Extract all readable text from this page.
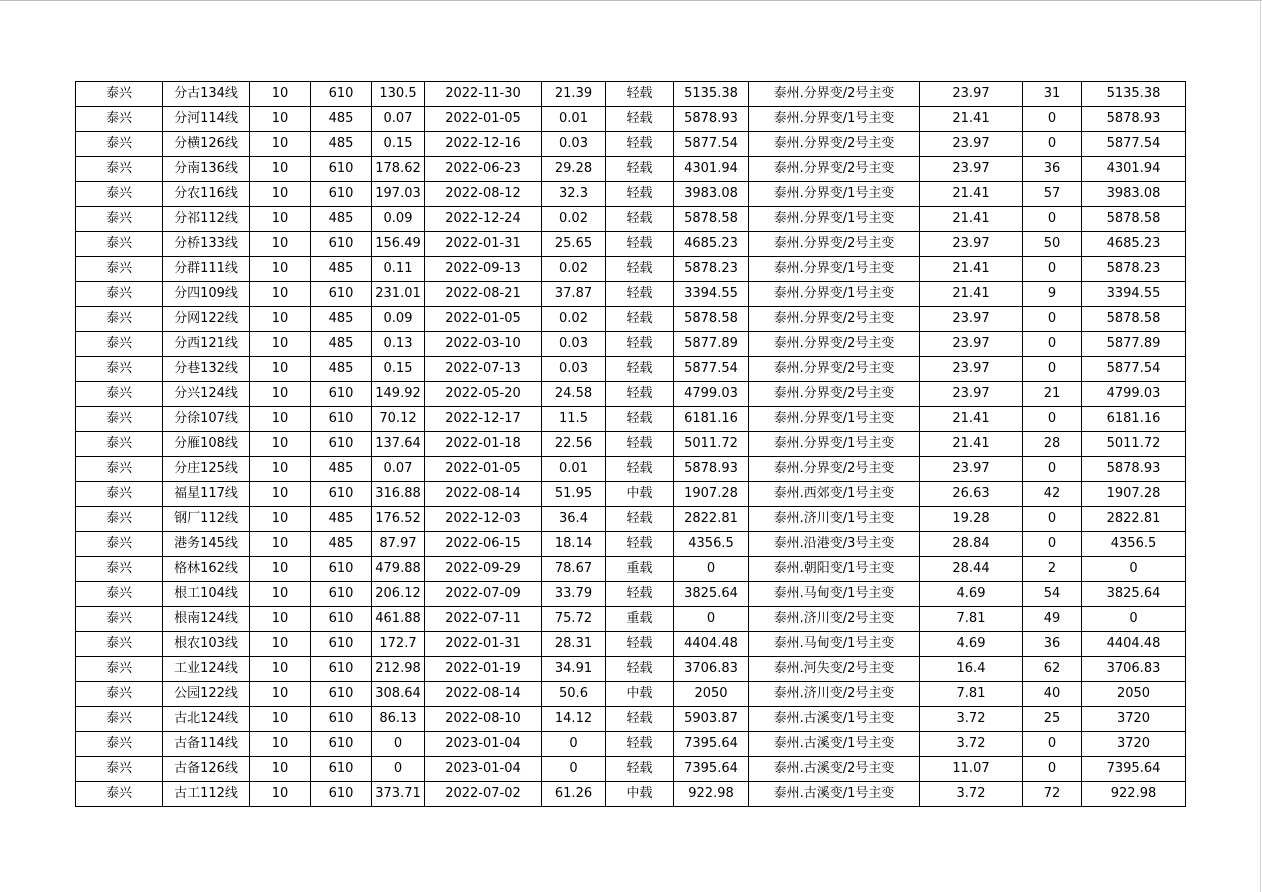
泰兴	分古134线	10	610	130.5	2022-11-30	21.39	轻载	5135.38	泰州.分界变/2号主变	23.97	31	5135.38
泰兴	分河114线	10	485	0.07	2022-01-05	0.01	轻载	5878.93	泰州.分界变/1号主变	21.41	0	5878.93
泰兴	分横126线	10	485	0.15	2022-12-16	0.03	轻载	5877.54	泰州.分界变/2号主变	23.97	0	5877.54
泰兴	分南136线	10	610	178.62	2022-06-23	29.28	轻载	4301.94	泰州.分界变/2号主变	23.97	36	4301.94
泰兴	分农116线	10	610	197.03	2022-08-12	32.3	轻载	3983.08	泰州.分界变/1号主变	21.41	57	3983.08
泰兴	分祁112线	10	485	0.09	2022-12-24	0.02	轻载	5878.58	泰州.分界变/1号主变	21.41	0	5878.58
泰兴	分桥133线	10	610	156.49	2022-01-31	25.65	轻载	4685.23	泰州.分界变/2号主变	23.97	50	4685.23
泰兴	分群111线	10	485	0.11	2022-09-13	0.02	轻载	5878.23	泰州.分界变/1号主变	21.41	0	5878.23
泰兴	分四109线	10	610	231.01	2022-08-21	37.87	轻载	3394.55	泰州.分界变/1号主变	21.41	9	3394.55
泰兴	分网122线	10	485	0.09	2022-01-05	0.02	轻载	5878.58	泰州.分界变/2号主变	23.97	0	5878.58
泰兴	分西121线	10	485	0.13	2022-03-10	0.03	轻载	5877.89	泰州.分界变/2号主变	23.97	0	5877.89
泰兴	分巷132线	10	485	0.15	2022-07-13	0.03	轻载	5877.54	泰州.分界变/2号主变	23.97	0	5877.54
泰兴	分兴124线	10	610	149.92	2022-05-20	24.58	轻载	4799.03	泰州.分界变/2号主变	23.97	21	4799.03
泰兴	分徐107线	10	610	70.12	2022-12-17	11.5	轻载	6181.16	泰州.分界变/1号主变	21.41	0	6181.16
泰兴	分雁108线	10	610	137.64	2022-01-18	22.56	轻载	5011.72	泰州.分界变/1号主变	21.41	28	5011.72
泰兴	分庄125线	10	485	0.07	2022-01-05	0.01	轻载	5878.93	泰州.分界变/2号主变	23.97	0	5878.93
泰兴	福星117线	10	610	316.88	2022-08-14	51.95	中载	1907.28	泰州.西郊变/1号主变	26.63	42	1907.28
泰兴	钢厂112线	10	485	176.52	2022-12-03	36.4	轻载	2822.81	泰州.济川变/1号主变	19.28	0	2822.81
泰兴	港务145线	10	485	87.97	2022-06-15	18.14	轻载	4356.5	泰州.沿港变/3号主变	28.84	0	4356.5
泰兴	格林162线	10	610	479.88	2022-09-29	78.67	重载	0	泰州.朝阳变/1号主变	28.44	2	0
泰兴	根工104线	10	610	206.12	2022-07-09	33.79	轻载	3825.64	泰州.马甸变/1号主变	4.69	54	3825.64
泰兴	根南124线	10	610	461.88	2022-07-11	75.72	重载	0	泰州.济川变/2号主变	7.81	49	0
泰兴	根农103线	10	610	172.7	2022-01-31	28.31	轻载	4404.48	泰州.马甸变/1号主变	4.69	36	4404.48
泰兴	工业124线	10	610	212.98	2022-01-19	34.91	轻载	3706.83	泰州.河失变/2号主变	16.4	62	3706.83
泰兴	公园122线	10	610	308.64	2022-08-14	50.6	中载	2050	泰州.济川变/2号主变	7.81	40	2050
泰兴	古北124线	10	610	86.13	2022-08-10	14.12	轻载	5903.87	泰州.古溪变/1号主变	3.72	25	3720
泰兴	古备114线	10	610	0	2023-01-04	0	轻载	7395.64	泰州.古溪变/1号主变	3.72	0	3720
泰兴	古备126线	10	610	0	2023-01-04	0	轻载	7395.64	泰州.古溪变/2号主变	11.07	0	7395.64
泰兴	古工112线	10	610	373.71	2022-07-02	61.26	中载	922.98	泰州.古溪变/1号主变	3.72	72	922.98
